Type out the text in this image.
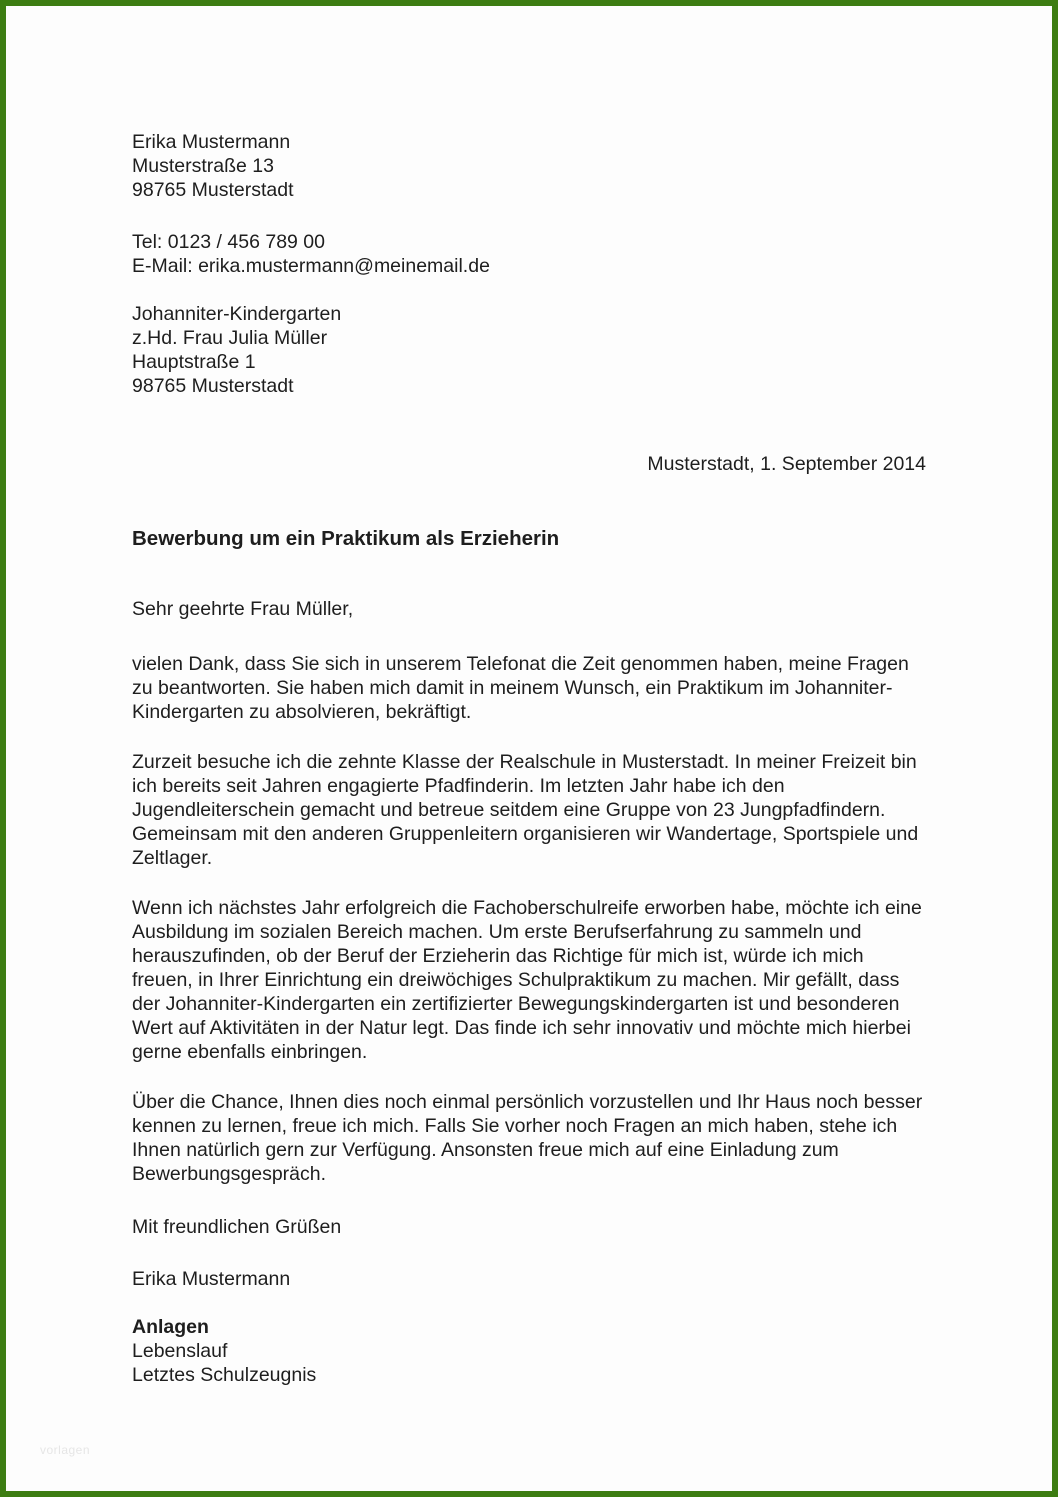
Erika Mustermann
Musterstraße 13
98765 Musterstadt
Tel: 0123 / 456 789 00
E-Mail: erika.mustermann@meinemail.de
Johanniter-Kindergarten
z.Hd. Frau Julia Müller
Hauptstraße 1
98765 Musterstadt
Musterstadt, 1. September 2014
Bewerbung um ein Praktikum als Erzieherin
Sehr geehrte Frau Müller,

vielen Dank, dass Sie sich in unserem Telefonat die Zeit genommen haben, meine Fragen zu beantworten. Sie haben mich damit in meinem Wunsch, ein Praktikum im Johanniter-Kindergarten zu absolvieren, bekräftigt.

Zurzeit besuche ich die zehnte Klasse der Realschule in Musterstadt. In meiner Freizeit bin ich bereits seit Jahren engagierte Pfadfinderin. Im letzten Jahr habe ich den Jugendleiterschein gemacht und betreue seitdem eine Gruppe von 23 Jungpfadfindern. Gemeinsam mit den anderen Gruppenleitern organisieren wir Wandertage, Sportspiele und Zeltlager.

Wenn ich nächstes Jahr erfolgreich die Fachoberschulreife erworben habe, möchte ich eine Ausbildung im sozialen Bereich machen. Um erste Berufserfahrung zu sammeln und herauszufinden, ob der Beruf der Erzieherin das Richtige für mich ist, würde ich mich freuen, in Ihrer Einrichtung ein dreiwöchiges Schulpraktikum zu machen. Mir gefällt, dass der Johanniter-Kindergarten ein zertifizierter Bewegungskindergarten ist und besonderen Wert auf Aktivitäten in der Natur legt. Das finde ich sehr innovativ und möchte mich hierbei gerne ebenfalls einbringen.

Über die Chance, Ihnen dies noch einmal persönlich vorzustellen und Ihr Haus noch besser kennen zu lernen, freue ich mich. Falls Sie vorher noch Fragen an mich haben, stehe ich Ihnen natürlich gern zur Verfügung. Ansonsten freue mich auf eine Einladung zum Bewerbungsgespräch.

Mit freundlichen Grüßen
Erika Mustermann
Anlagen
Lebenslauf
Letztes Schulzeugnis
vorlagen
